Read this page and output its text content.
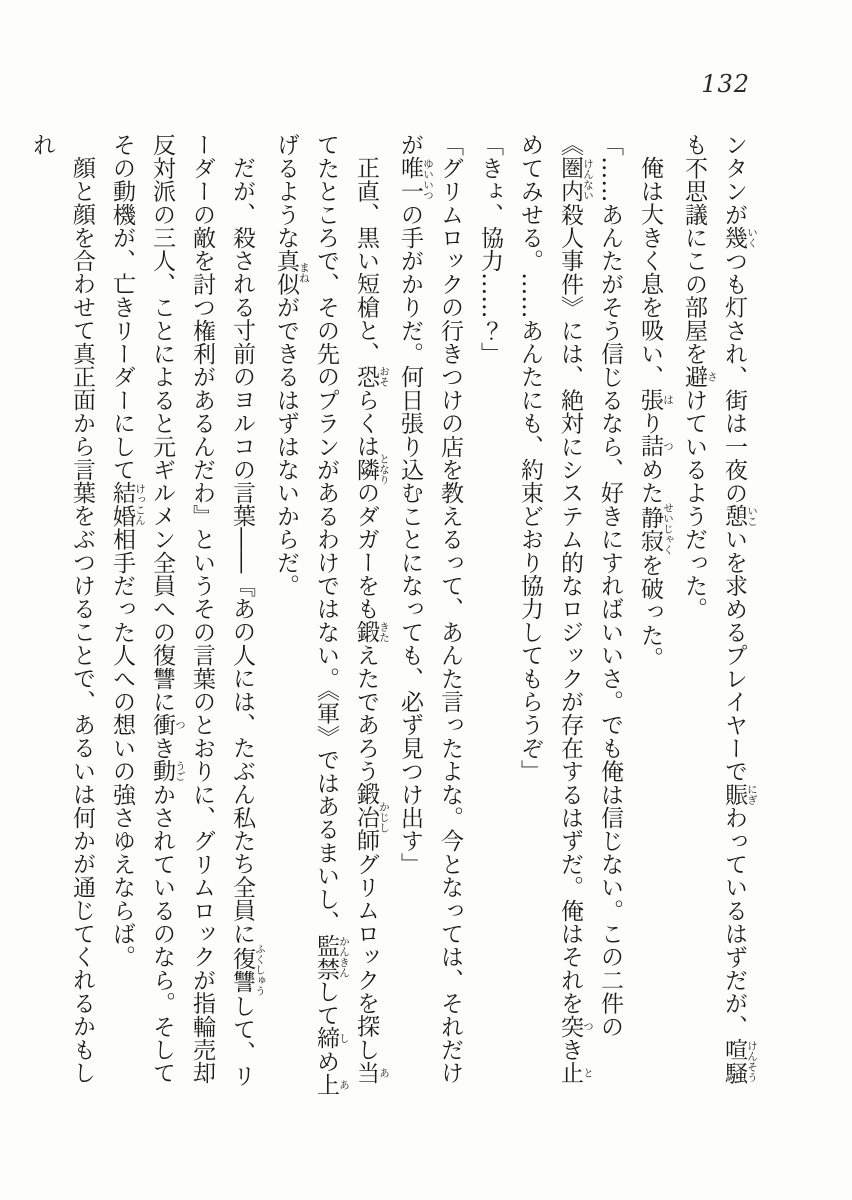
132

ンタンが幾 いくつも灯され、街は一夜の憩 いこいを求めるプレイヤーで賑 にぎわっているはずだが、喧騒 けんそうも不思議にこの部屋を避 さけているようだった。

俺は大きく息を吸い、張 はり詰 つめた静寂 せいじゃくを破った。

「……あんたがそう信じるなら、好きにすればいいさ。でも俺は信じない。この二件の《圏内 けんない殺人事件》には、絶対にシステム的なロジックが存在するはずだ。俺はそれを突 つき止 とめてみせる。……あんたにも、約束どおり協力してもらうぞ」

「きょ、協力……？」

「グリムロックの行きつけの店を教えるって、あんた言ったよな。今となっては、それだけが唯一 ゆいいつの手がかりだ。何日張り込むことになっても、必ず見つけ出す」

正直、黒い短槍と、恐 おそらくは隣 となりのダガーをも鍛 きたえたであろう鍛冶師 かじしグリムロックを探し当 あてたところで、その先のプランがあるわけではない。《軍》ではあるまいし、監禁 かんきんして締 しめ上 あげるような真似 まねができるはずはないからだ。

だが、殺される寸前のヨルコの言葉――『あの人には、たぶん私たち全員に復讐 ふくしゅうして、リーダーの敵を討つ権利があるんだわ』というその言葉のとおりに、グリムロックが指輪売却反対派の三人、ことによると元ギルメン全員への復讐に衝 つき動 うごかされているのなら。そしてその動機が、亡きリーダーにして結婚 けっこん相手だった人への想いの強さゆえならば。

顔と顔を合わせて真正面から言葉をぶつけることで、あるいは何かが通じてくれるかもしれ
